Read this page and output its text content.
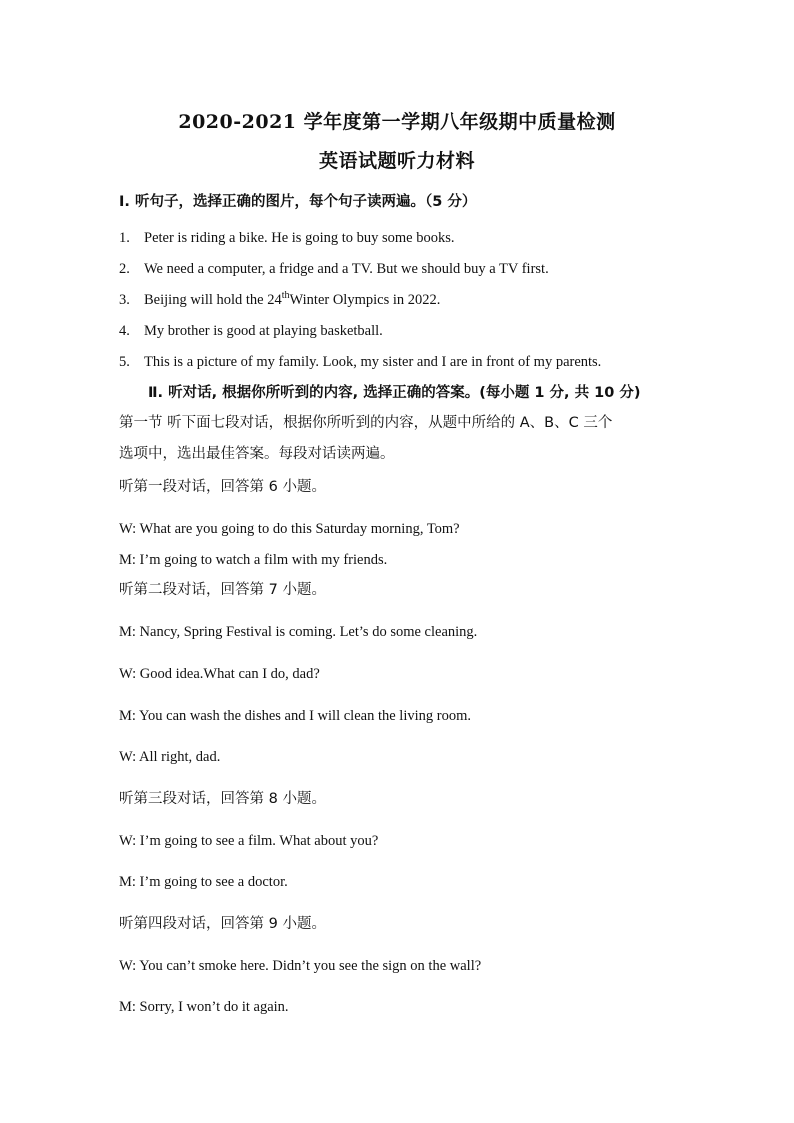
2020-2021 学年度第一学期八年级期中质量检测
英语试题听力材料
I. 听句子，选择正确的图片，每个句子读两遍。（5 分）
1. Peter is riding a bike. He is going to buy some books.
2. We need a computer, a fridge and a TV. But we should buy a TV first.
3. Beijing will hold the 24thWinter Olympics in 2022.
4. My brother is good at playing basketball.
5. This is a picture of my family. Look, my sister and I are in front of my parents.
Ⅱ. 听对话, 根据你所听到的内容, 选择正确的答案。(每小题 1 分, 共 10 分)
第一节 听下面七段对话，根据你所听到的内容，从题中所给的 A、B、C 三个
选项中，选出最佳答案。每段对话读两遍。
听第一段对话，回答第 6 小题。
W: What are you going to do this Saturday morning, Tom?
M: I’m going to watch a film with my friends.
听第二段对话，回答第 7 小题。
M: Nancy, Spring Festival is coming. Let’s do some cleaning.
W: Good idea.What can I do, dad?
M: You can wash the dishes and I will clean the living room.
W: All right, dad.
听第三段对话，回答第 8 小题。
W: I’m going to see a film. What about you?
M: I’m going to see a doctor.
听第四段对话，回答第 9 小题。
W: You can’t smoke here. Didn’t you see the sign on the wall?
M: Sorry, I won’t do it again.
